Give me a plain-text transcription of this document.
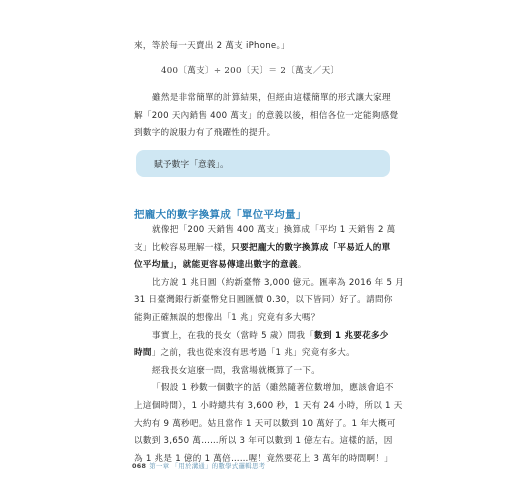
來，等於每一天賣出 2 萬支 iPhone。」

400〔萬支〕÷ 200〔天〕＝ 2〔萬支／天〕

雖然是非常簡單的計算結果，但經由這樣簡單的形式讓大家理

解「200 天內銷售 400 萬支」的意義以後，相信各位一定能夠感覺

到數字的說服力有了飛躍性的提升。

賦予數字「意義」。
把龐大的數字換算成「單位平均量」

就像把「200 天銷售 400 萬支」換算成「平均 1 天銷售 2 萬

支」比較容易理解一樣，只要把龐大的數字換算成「平易近人的單

位平均量」，就能更容易傳達出數字的意義。

比方說 1 兆日圓（約新臺幣 3,000 億元。匯率為 2016 年 5 月

31 日臺灣銀行新臺幣兌日圓匯價 0.30，以下皆同）好了。請問你

能夠正確無誤的想像出「1 兆」究竟有多大嗎？

事實上，在我的長女（當時 5 歲）問我「數到 1 兆要花多少

時間」之前，我也從來沒有思考過「1 兆」究竟有多大。

經我長女這麼一問，我當場就概算了一下。

「假設 1 秒數一個數字的話（雖然隨著位數增加，應該會追不

上這個時間），1 小時總共有 3,600 秒，1 天有 24 小時，所以 1 天

大約有 9 萬秒吧。姑且當作 1 天可以數到 10 萬好了。1 年大概可

以數到 3,650 萬……所以 3 年可以數到 1 億左右。這樣的話，因

為 1 兆是 1 億的 1 萬倍……喔！竟然要花上 3 萬年的時間啊！」

068 第一章 「用於溝通」的數學式邏輯思考
